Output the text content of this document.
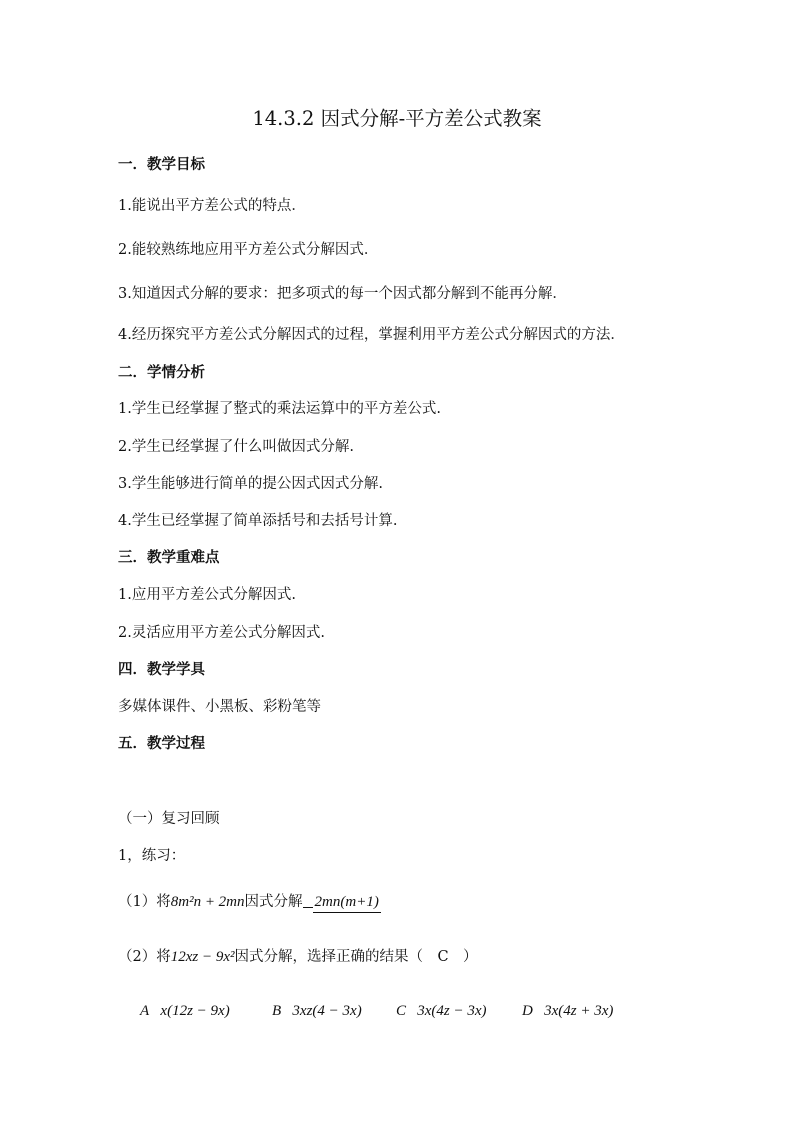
14.3.2 因式分解-平方差公式教案
一．教学目标
1.能说出平方差公式的特点．
2.能较熟练地应用平方差公式分解因式．
3.知道因式分解的要求：把多项式的每一个因式都分解到不能再分解．
4.经历探究平方差公式分解因式的过程，掌握利用平方差公式分解因式的方法．
二．学情分析
1.学生已经掌握了整式的乘法运算中的平方差公式.
2.学生已经掌握了什么叫做因式分解.
3.学生能够进行简单的提公因式因式分解.
4.学生已经掌握了简单添括号和去括号计算.
三．教学重难点
1.应用平方差公式分解因式.
2.灵活应用平方差公式分解因式.
四．教学学具
多媒体课件、小黑板、彩粉笔等
五．教学过程
（一）复习回顾
1，练习：
（1）将8m²n + 2mn因式分解 2mn(m+1)
（2）将12xz − 9x²因式分解，选择正确的结果（ C ）
A x(12z − 9x)	B 3xz(4 − 3x) C 3x(4z − 3x) D 3x(4z + 3x)
